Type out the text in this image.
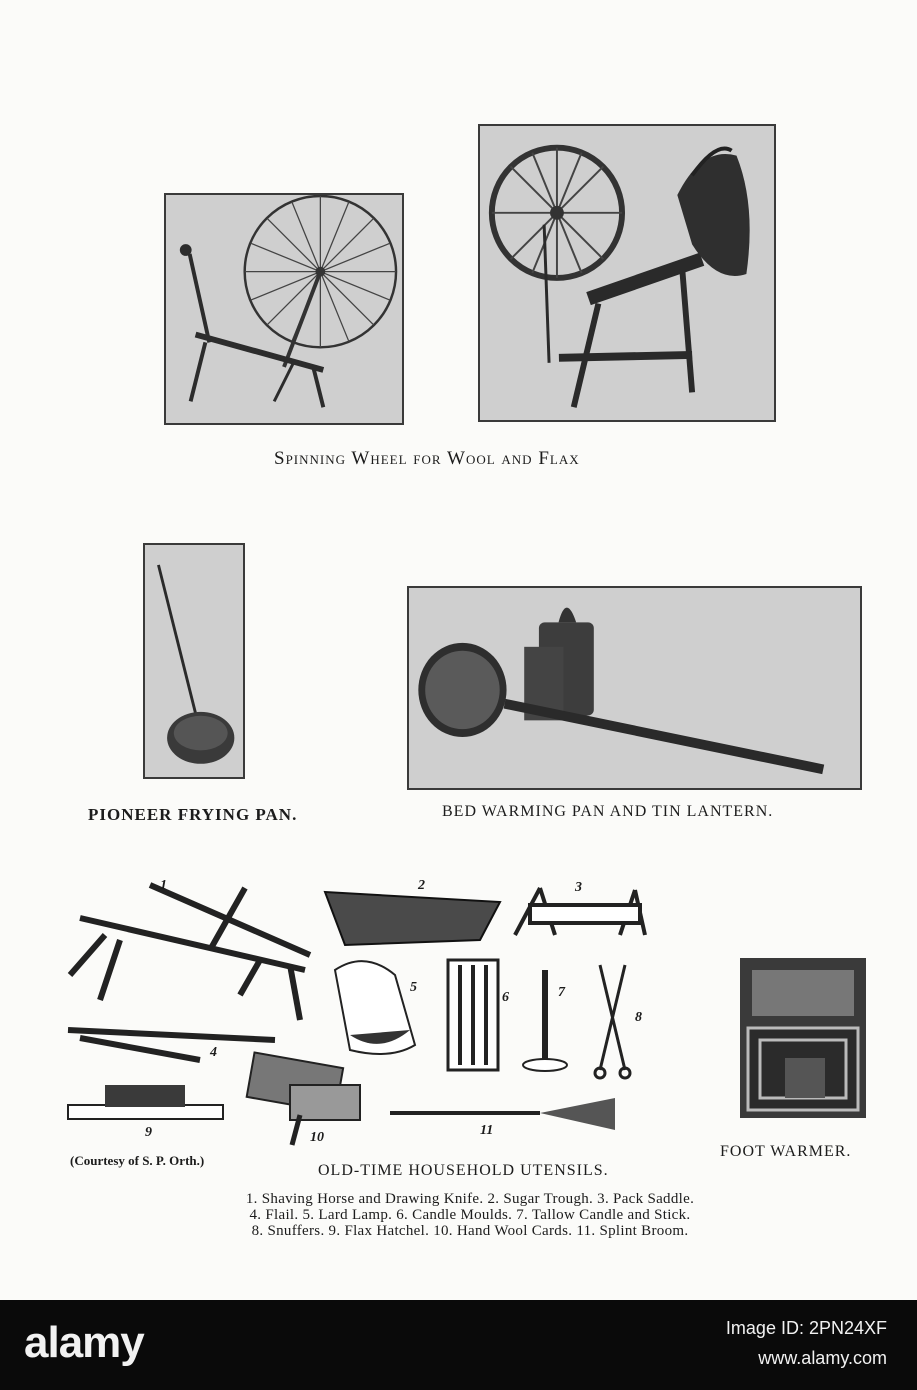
Spinning Wheel for Wool and Flax
PIONEER FRYING PAN.	BED WARMING PAN AND TIN LANTERN.
1	2	3
4
5
6	7
8
9	10	11
FOOT WARMER.
(Courtesy of S. P. Orth.)
OLD-TIME HOUSEHOLD UTENSILS.
1. Shaving Horse and Drawing Knife. 2. Sugar Trough. 3. Pack Saddle.
4. Flail. 5. Lard Lamp. 6. Candle Moulds. 7. Tallow Candle and Stick.
8. Snuffers. 9. Flax Hatchel. 10. Hand Wool Cards. 11. Splint Broom.
alamy	Image ID: 2PN24XF
www.alamy.com
